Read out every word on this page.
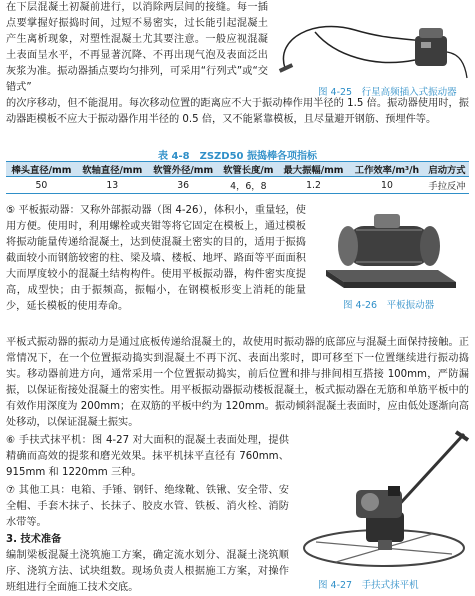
在下层混凝土初凝前进行，以消除两层间的接缝。每一插点要掌握好振捣时间，过短不易密实，过长能引起混凝土产生离析现象，对塑性混凝土尤其要注意。一般应视混凝土表面呈水平，不再显著沉降、不再出现气泡及表面泛出灰浆为准。振动器插点要均匀排列，可采用“行列式”或“交错式”
的次序移动，但不能混用。每次移动位置的距离应不大于振动棒作用半径的 1.5 倍。振动器使用时，振动器距模板不应大于振动器作用半径的 0.5 倍，又不能紧靠模板，且尽量避开钢筋、预埋件等。
图 4-25　行星高频插入式振动器
表 4-8　ZSZD50 振捣棒各项指标
棒头直径/mm	软轴直径/mm	软管外径/mm	软管长度/m	最大振幅/mm	工作效率/m³/h	启动方式
50	13	36	4，6，8	1.2	10	手拉反冲
⑤ 平板振动器：又称外部振动器（图 4-26），体积小，重量轻，使用方便。使用时，利用螺栓或夹钳等将它固定在模板上，通过模板将振动能量传递给混凝土，达到使混凝土密实的目的，适用于振捣截面较小而钢筋较密的柱、梁及墙、楼板、地坪、路面等平面面积大而厚度较小的混凝土结构构件。使用平板振动器，构件密实度提高，成型快；由于振频高，振幅小，在钢模板形变上消耗的能量少，延长模板的使用寿命。	图 4-26　平板振动器
平板式振动器的振动力是通过底板传递给混凝土的，故使用时振动器的底部应与混凝土面保持接触。正常情况下，在一个位置振动捣实到混凝土不再下沉、表面出浆时，即可移至下一位置继续进行振动捣实。移动器前进方向，通常采用一个位置振动捣实，前后位置和排与排间相互搭接 100mm，严防漏振，以保证衔接处混凝土的密实性。用平板振动器振动楼板混凝土，板式振动器在无筋和单筋平板中的有效作用深度为 200mm；在双筋的平板中约为 120mm。振动倾斜混凝土表面时，应由低处逐渐向高处移动，以保证混凝土振实。
⑥ 手扶式抹平机：图 4-27 对大面积的混凝土表面处理，提供精确而高效的提浆和磨光效果。抹平机抹平直径有 760mm、915mm 和 1220mm 三种。
⑦ 其他工具：电箱、手锤、钢钎、绝缘靴、铁锹、安全带、安全帽、手套木抹子、长抹子、胶皮水管、铁板、消火栓、消防水带等。
3. 技术准备
编制梁板混凝土浇筑施工方案，确定流水划分、混凝土浇筑顺序、浇筑方法、试块组数。现场负责人根据施工方案，对操作班组进行全面施工技术交底。	图 4-27　手扶式抹平机
